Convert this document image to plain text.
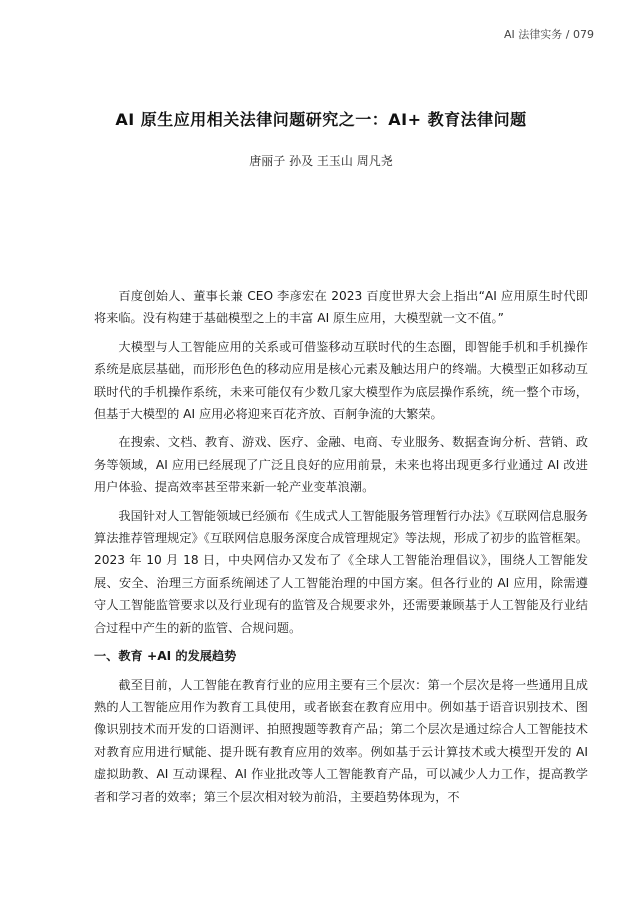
AI 法律实务 / 079
AI 原生应用相关法律问题研究之一：AI+ 教育法律问题
唐丽子 孙及 王玉山 周凡尧

百度创始人、董事长兼 CEO 李彦宏在 2023 百度世界大会上指出“AI 应用原生时代即将来临。没有构建于基础模型之上的丰富 AI 原生应用，大模型就一文不值。”

大模型与人工智能应用的关系或可借鉴移动互联时代的生态圈，即智能手机和手机操作系统是底层基础，而形形色色的移动应用是核心元素及触达用户的终端。大模型正如移动互联时代的手机操作系统，未来可能仅有少数几家大模型作为底层操作系统，统一整个市场，但基于大模型的 AI 应用必将迎来百花齐放、百舸争流的大繁荣。

在搜索、文档、教育、游戏、医疗、金融、电商、专业服务、数据查询分析、营销、政务等领域，AI 应用已经展现了广泛且良好的应用前景，未来也将出现更多行业通过 AI 改进用户体验、提高效率甚至带来新一轮产业变革浪潮。

我国针对人工智能领域已经颁布《生成式人工智能服务管理暂行办法》《互联网信息服务算法推荐管理规定》《互联网信息服务深度合成管理规定》等法规，形成了初步的监管框架。2023 年 10 月 18 日，中央网信办又发布了《全球人工智能治理倡议》，围绕人工智能发展、安全、治理三方面系统阐述了人工智能治理的中国方案。但各行业的 AI 应用，除需遵守人工智能监管要求以及行业现有的监管及合规要求外，还需要兼顾基于人工智能及行业结合过程中产生的新的监管、合规问题。

一、教育 +AI 的发展趋势

截至目前，人工智能在教育行业的应用主要有三个层次：第一个层次是将一些通用且成熟的人工智能应用作为教育工具使用，或者嵌套在教育应用中。例如基于语音识别技术、图像识别技术而开发的口语测评、拍照搜题等教育产品；第二个层次是通过综合人工智能技术对教育应用进行赋能、提升既有教育应用的效率。例如基于云计算技术或大模型开发的 AI 虚拟助教、AI 互动课程、AI 作业批改等人工智能教育产品，可以减少人力工作，提高教学者和学习者的效率；第三个层次相对较为前沿，主要趋势体现为，不
